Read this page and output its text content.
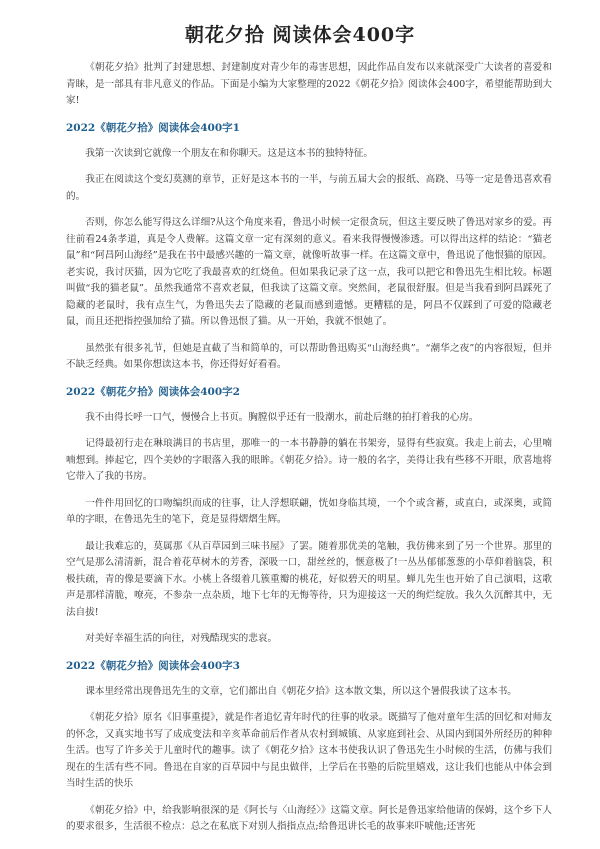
朝花夕拾 阅读体会400字

《朝花夕拾》批判了封建思想、封建制度对青少年的毒害思想，因此作品自发布以来就深受广大读者的喜爱和青睐，是一部具有非凡意义的作品。下面是小编为大家整理的2022《朝花夕拾》阅读体会400字，希望能帮助到大家!

2022《朝花夕拾》阅读体会400字1

我第一次读到它就像一个朋友在和你聊天。这是这本书的独特特征。

我正在阅读这个变幻莫测的章节，正好是这本书的一半，与前五届大会的报纸、高跷、马等一定是鲁迅喜欢看的。

否则，你怎么能写得这么详细?从这个角度来看，鲁迅小时候一定很贪玩，但这主要反映了鲁迅对家乡的爱。再往前看24条孝道，真是令人费解。这篇文章一定有深刻的意义。看来我得慢慢渗透。可以得出这样的结论：“猫老鼠”和“阿昌阿山海经”是我在书中最感兴趣的一篇文章，就像听故事一样。在这篇文章中，鲁迅说了他恨猫的原因。老实说，我讨厌猫，因为它吃了我最喜欢的红烧鱼。但如果我记录了这一点，我可以把它和鲁迅先生相比较。标题叫做“我的猫老鼠”。虽然我通常不喜欢老鼠，但我读了这篇文章。突然间，老鼠很舒服。但是当我看到阿昌踩死了隐藏的老鼠时，我有点生气，为鲁迅失去了隐藏的老鼠而感到遗憾。更糟糕的是，阿昌不仅踩到了可爱的隐藏老鼠，而且还把指控强加给了猫。所以鲁迅恨了猫。从一开始，我就不恨她了。

虽然张有很多礼节，但她是直截了当和简单的，可以帮助鲁迅购买“山海经典”。“潮华之夜”的内容很短，但并不缺乏经典。如果你想读这本书，你还得好好看看。

2022《朝花夕拾》阅读体会400字2

我不由得长呼一口气，慢慢合上书页。胸膛似乎还有一股潮水，前赴后继的拍打着我的心房。

记得最初行走在琳琅满目的书店里，那唯一的一本书静静的躺在书架旁，显得有些寂寞。我走上前去，心里喃喃想到。捧起它，四个美妙的字眼落入我的眼眸。《朝花夕拾》。诗一般的名字，美得让我有些移不开眼，欣喜地将它带入了我的书房。

一件件用回忆的口吻编织而成的往事，让人浮想联翩，恍如身临其境，一个个或含蓄，或直白，或深奥，或简单的字眼，在鲁迅先生的笔下，竟是显得熠熠生辉。

最让我难忘的，莫属那《从百草园到三味书屋》了罢。随着那优美的笔触，我仿佛来到了另一个世界。那里的空气是那么清清新，混合着花草树木的芳香，深吸一口，甜丝丝的，惬意极了!一丛丛郁郁葱葱的小草仰着脑袋，积极扶疏，青的像是要滴下水。小桃上各缀着几簇重瓣的桃花，好似碧天的明星。蝉儿先生也开始了自己演唱，这歌声是那样清脆，嘹亮，不参杂一点杂质，地下七年的无悔等待，只为迎接这一天的绚烂绽放。我久久沉醉其中，无法自拔!

对美好幸福生活的向往，对残酷现实的悲哀。

2022《朝花夕拾》阅读体会400字3

课本里经常出现鲁迅先生的文章，它们都出自《朝花夕拾》这本散文集，所以这个暑假我读了这本书。

《朝花夕拾》原名《旧事重提》，就是作者追忆青年时代的往事的收录。既描写了他对童年生活的回忆和对师友的怀念，又真实地书写了成成变法和辛亥革命前后作者从农村到城镇、从家庭到社会、从国内到国外所经历的种种生活。也写了许多关于儿童时代的趣事。读了《朝花夕拾》这本书使我认识了鲁迅先生小时候的生活，仿佛与我们现在的生活有些不同。鲁迅在自家的百草园中与昆虫做伴，上学后在书塾的后院里嬉戏，这让我们也能从中体会到当时生活的快乐

《朝花夕拾》中，给我影响很深的是《阿长与〈山海经〉》这篇文章。阿长是鲁迅家给他请的保姆，这个乡下人的要求很多，生活很不检点：总之在私底下对别人指指点点;给鲁迅讲长毛的故事来吓唬他;还害死
